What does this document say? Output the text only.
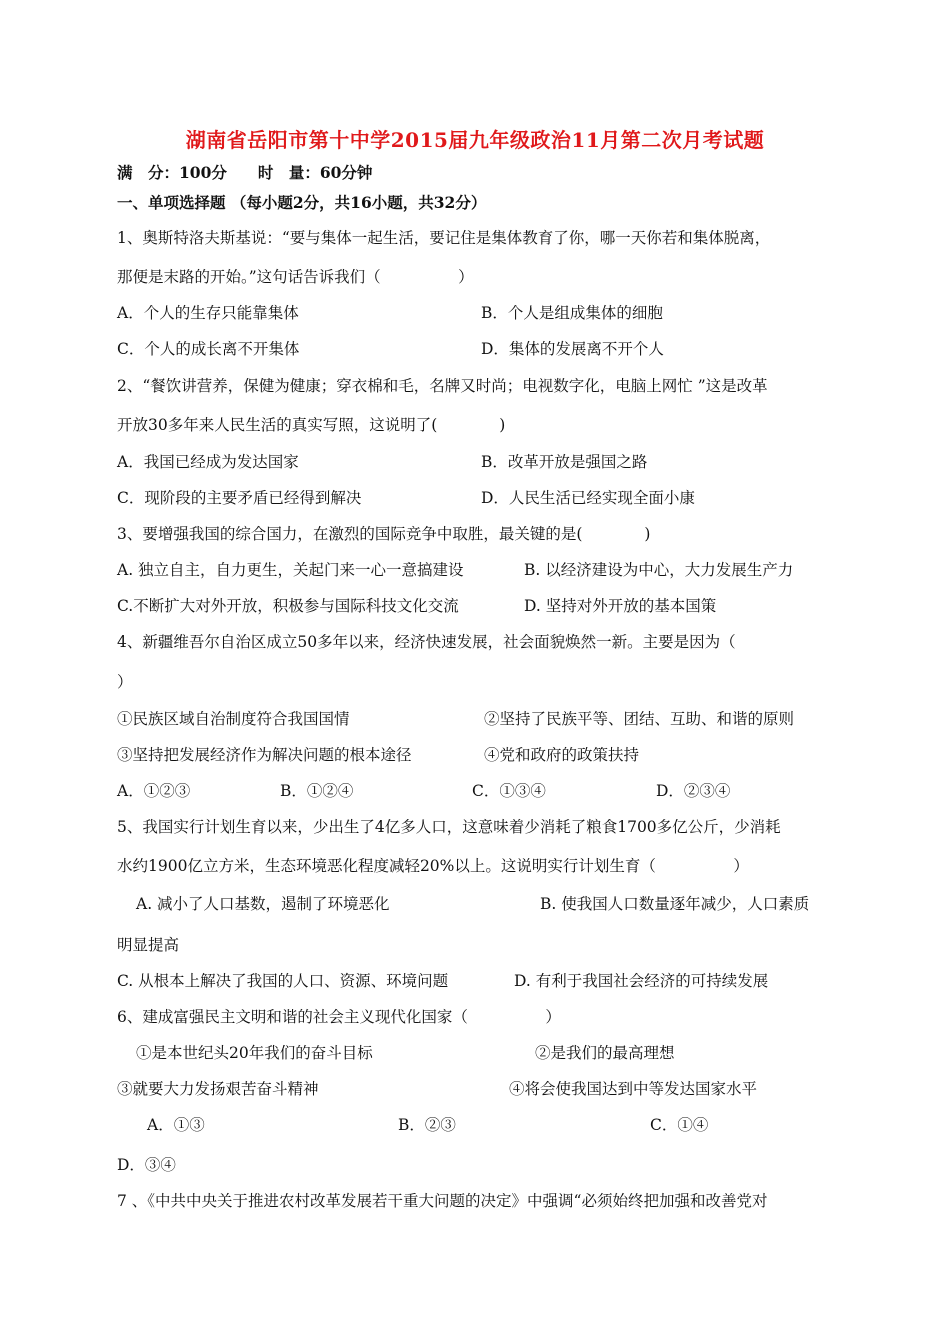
湖南省岳阳市第十中学2015届九年级政治11月第二次月考试题
满　分：100分　　时　量：60分钟
一、单项选择题 （每小题2分，共16小题，共32分）
1、奥斯特洛夫斯基说：“要与集体一起生活，要记住是集体教育了你，哪一天你若和集体脱离，
那便是末路的开始。”这句话告诉我们（　　　　　）
A．个人的生存只能靠集体	B．个人是组成集体的细胞
C．个人的成长离不开集体	D．集体的发展离不开个人
2、“餐饮讲营养，保健为健康；穿衣棉和毛，名牌又时尚；电视数字化，电脑上网忙 ”这是改革
开放30多年来人民生活的真实写照，这说明了(　　　　)
A．我国已经成为发达国家	B．改革开放是强国之路
C．现阶段的主要矛盾已经得到解决	D．人民生活已经实现全面小康
3、要增强我国的综合国力，在激烈的国际竞争中取胜，最关键的是(　　　　)
A. 独立自主，自力更生，关起门来一心一意搞建设	B. 以经济建设为中心，大力发展生产力
C.不断扩大对外开放，积极参与国际科技文化交流	D. 坚持对外开放的基本国策
4、新疆维吾尔自治区成立50多年以来，经济快速发展，社会面貌焕然一新。主要是因为（
）
①民族区域自治制度符合我国国情	②坚持了民族平等、团结、互助、和谐的原则
③坚持把发展经济作为解决问题的根本途径	④党和政府的政策扶持
A．①②③	B．①②④	C．①③④	D．②③④
5、我国实行计划生育以来，少出生了4亿多人口，这意味着少消耗了粮食1700多亿公斤，少消耗
水约1900亿立方米，生态环境恶化程度减轻20%以上。这说明实行计划生育（　　　　　）
A. 减小了人口基数，遏制了环境恶化	B. 使我国人口数量逐年减少，人口素质
明显提高
C. 从根本上解决了我国的人口、资源、环境问题	D. 有利于我国社会经济的可持续发展
6、建成富强民主文明和谐的社会主义现代化国家（　　　　　）
①是本世纪头20年我们的奋斗目标	②是我们的最高理想
③就要大力发扬艰苦奋斗精神	④将会使我国达到中等发达国家水平
A．①③	B．②③	C．①④
D．③④
7 、《中共中央关于推进农村改革发展若干重大问题的决定》中强调“必须始终把加强和改善党对
